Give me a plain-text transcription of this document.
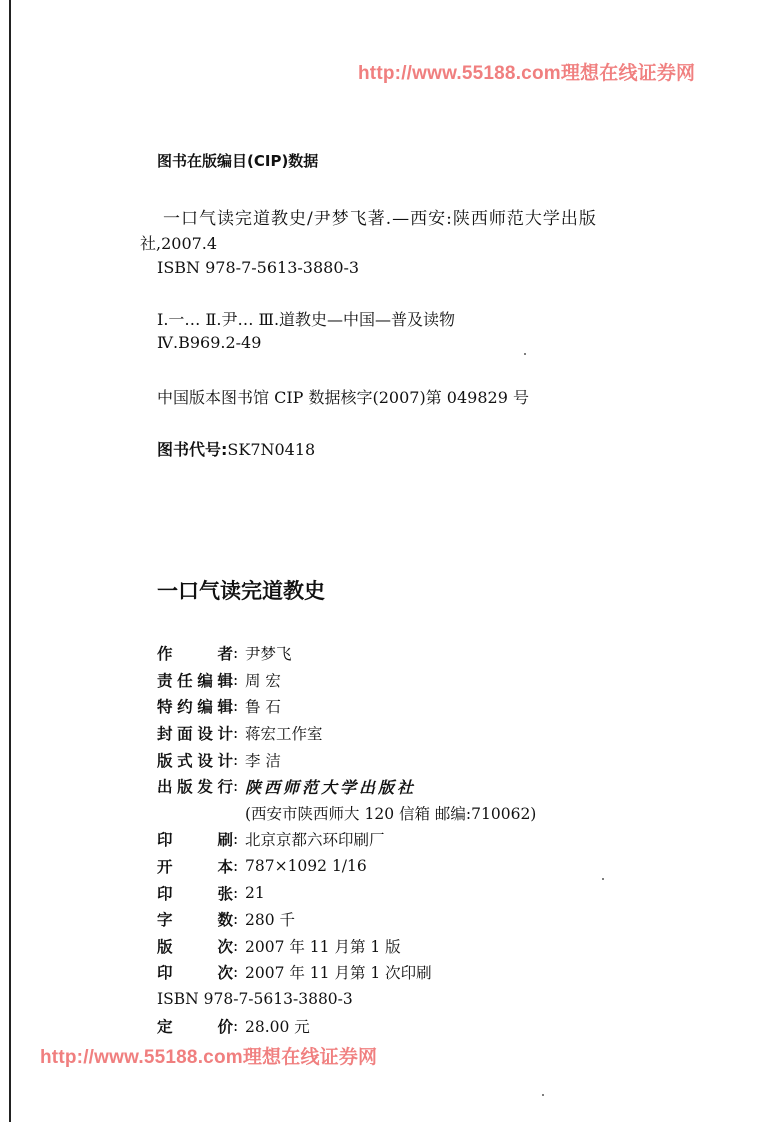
http://www.55188.com理想在线证券网
图书在版编目(CIP)数据
一口气读完道教史/尹梦飞著.—西安:陕西师范大学出版
社,2007.4
ISBN 978-7-5613-3880-3
Ⅰ.一… Ⅱ.尹… Ⅲ.道教史—中国—普及读物
Ⅳ.B969.2-49
中国版本图书馆 CIP 数据核字(2007)第 049829 号
图书代号:SK7N0418
一口气读完道教史
作者 : 尹梦飞
责任编辑 : 周 宏
特约编辑 : 鲁 石
封面设计 : 蒋宏工作室
版式设计 : 李 洁
出版发行 : 陕西师范大学出版社
(西安市陕西师大 120 信箱 邮编:710062)
印刷 : 北京京都六环印刷厂
开本 : 787×1092 1/16
印张 : 21
字数 : 280 千
版次 : 2007 年 11 月第 1 版
印次 : 2007 年 11 月第 1 次印刷
ISBN 978-7-5613-3880-3
定价 : 28.00 元
http://www.55188.com理想在线证券网
